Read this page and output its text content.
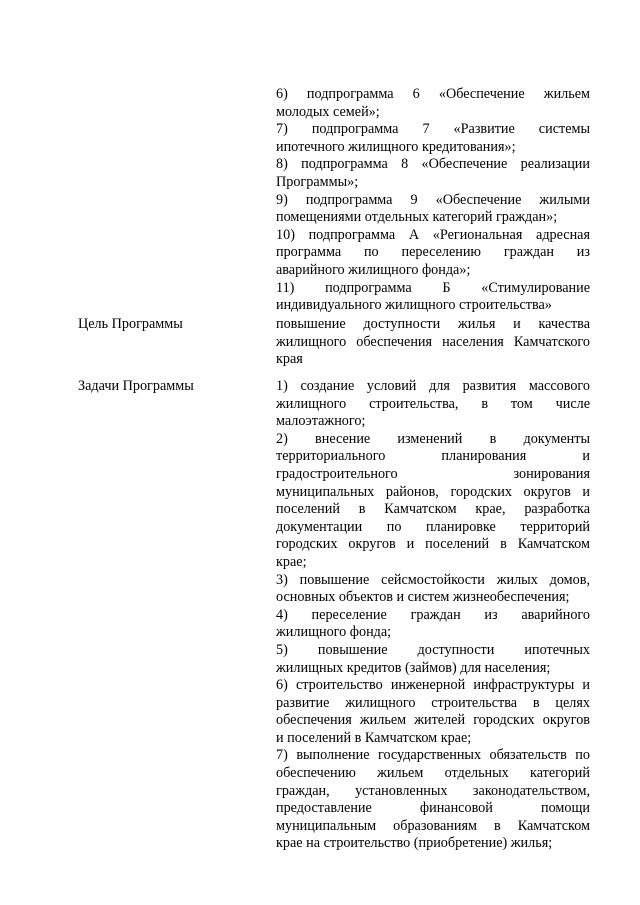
6) подпрограмма 6 «Обеспечение жильем
молодых семей»;
7) подпрограмма 7 «Развитие системы
ипотечного жилищного кредитования»;
8) подпрограмма 8 «Обеспечение реализации
Программы»;
9) подпрограмма 9 «Обеспечение жилыми
помещениями отдельных категорий граждан»;
10) подпрограмма А «Региональная адресная
программа по переселению граждан из
аварийного жилищного фонда»;
11) подпрограмма Б «Стимулирование
индивидуального жилищного строительства»
Цель Программы	повышение доступности жилья и качества
жилищного обеспечения населения Камчатского
края
Задачи Программы	1) создание условий для развития массового
жилищного строительства, в том числе
малоэтажного;
2) внесение изменений в документы
территориального планирования и
градостроительного зонирования
муниципальных районов, городских округов и
поселений в Камчатском крае, разработка
документации по планировке территорий
городских округов и поселений в Камчатском
крае;
3) повышение сейсмостойкости жилых домов,
основных объектов и систем жизнеобеспечения;
4) переселение граждан из аварийного
жилищного фонда;
5) повышение доступности ипотечных
жилищных кредитов (займов) для населения;
6) строительство инженерной инфраструктуры и
развитие жилищного строительства в целях
обеспечения жильем жителей городских округов
и поселений в Камчатском крае;
7) выполнение государственных обязательств по
обеспечению жильем отдельных категорий
граждан, установленных законодательством,
предоставление финансовой помощи
муниципальным образованиям в Камчатском
крае на строительство (приобретение) жилья;
